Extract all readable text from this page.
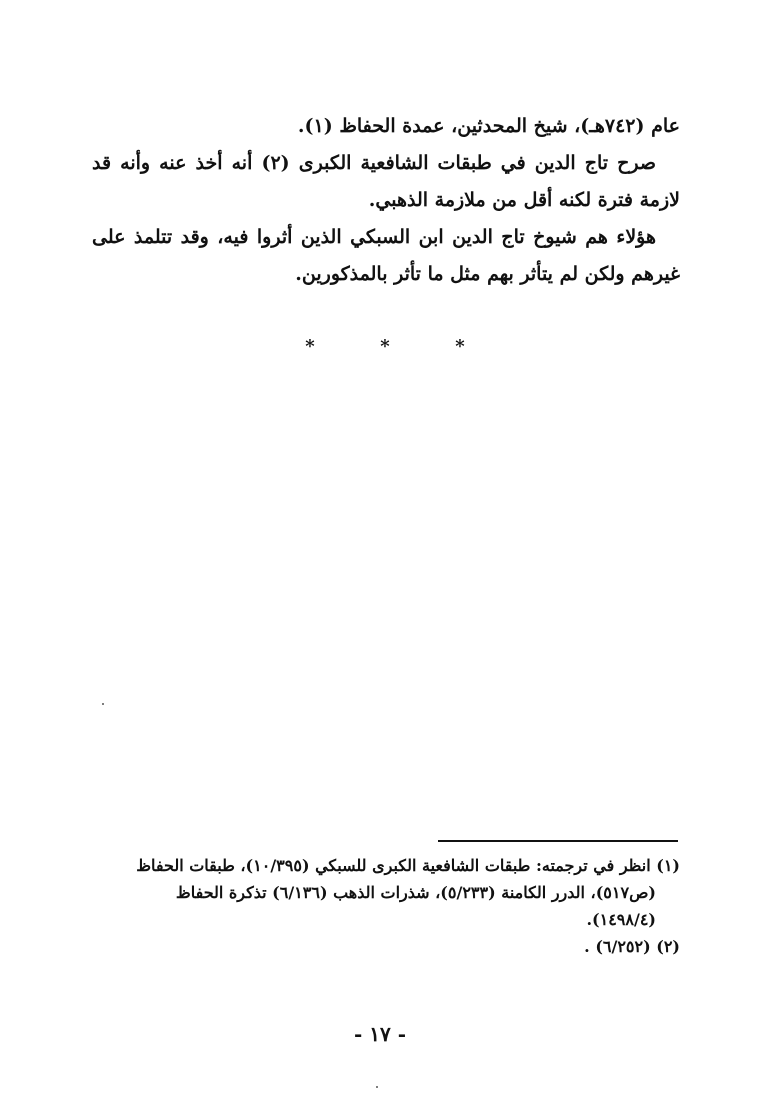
عام (٧٤٢هـ)، شيخ المحدثين، عمدة الحفاظ (١).

صرح تاج الدين في طبقات الشافعية الكبرى (٢) أنه أخذ عنه وأنه قد لازمة فترة لكنه أقل من ملازمة الذهبي.

هؤلاء هم شيوخ تاج الدين ابن السبكي الذين أثروا فيه، وقد تتلمذ على غيرهم ولكن لم يتأثر بهم مثل ما تأثر بالمذكورين.

*
*
*

(١) انظر في ترجمته: طبقات الشافعية الكبرى للسبكي (١٠/٣٩٥)، طبقات الحفاظ

(ص٥١٧)، الدرر الكامنة (٥/٢٣٣)، شذرات الذهب (٦/١٣٦) تذكرة الحفاظ

(١٤٩٨/٤).

(٢) (٦/٢٥٢) .

- ١٧ -
